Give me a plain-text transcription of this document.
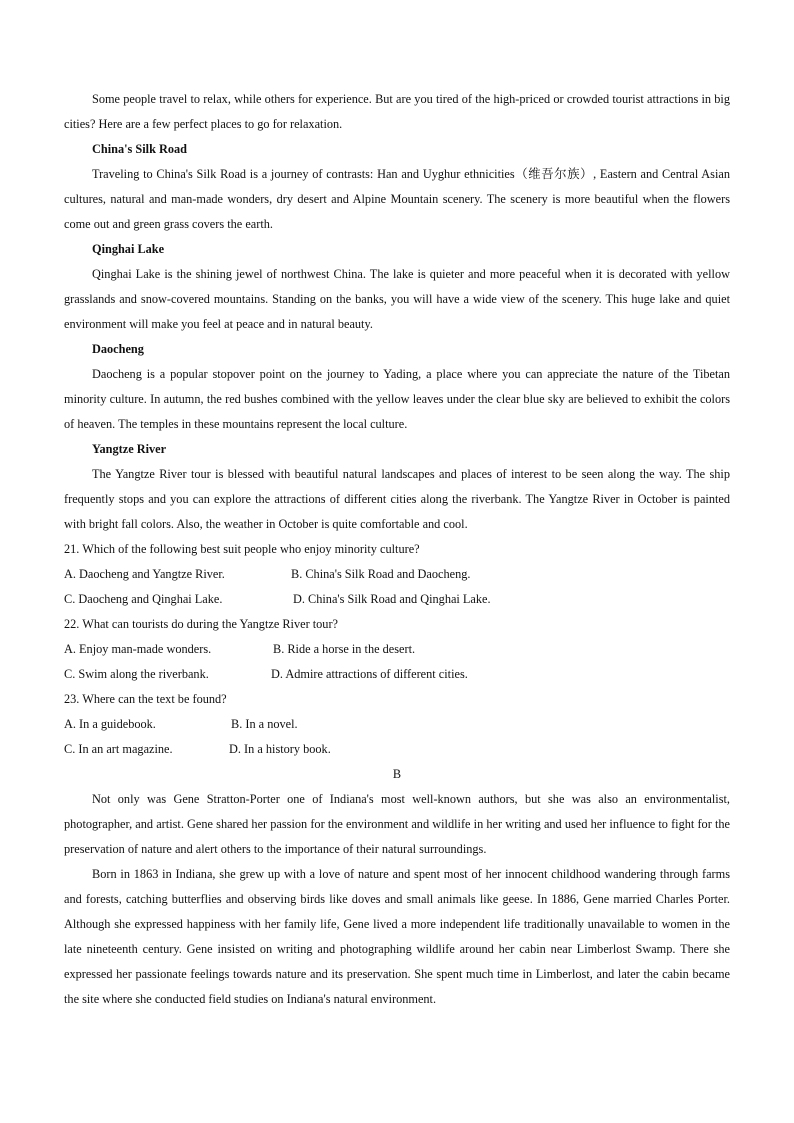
Some people travel to relax, while others for experience. But are you tired of the high-priced or crowded tourist attractions in big cities? Here are a few perfect places to go for relaxation.

China's Silk Road

Traveling to China's Silk Road is a journey of contrasts: Han and Uyghur ethnicities（维吾尔族）, Eastern and Central Asian cultures, natural and man-made wonders, dry desert and Alpine Mountain scenery. The scenery is more beautiful when the flowers come out and green grass covers the earth.

Qinghai Lake

Qinghai Lake is the shining jewel of northwest China. The lake is quieter and more peaceful when it is decorated with yellow grasslands and snow-covered mountains. Standing on the banks, you will have a wide view of the scenery. This huge lake and quiet environment will make you feel at peace and in natural beauty.

Daocheng

Daocheng is a popular stopover point on the journey to Yading, a place where you can appreciate the nature of the Tibetan minority culture. In autumn, the red bushes combined with the yellow leaves under the clear blue sky are believed to exhibit the colors of heaven. The temples in these mountains represent the local culture.

Yangtze River

The Yangtze River tour is blessed with beautiful natural landscapes and places of interest to be seen along the way. The ship frequently stops and you can explore the attractions of different cities along the riverbank. The Yangtze River in October is painted with bright fall colors. Also, the weather in October is quite comfortable and cool.

21. Which of the following best suit people who enjoy minority culture?

A. Daocheng and Yangtze River.	B. China's Silk Road and Daocheng.

C. Daocheng and Qinghai Lake.	D. China's Silk Road and Qinghai Lake.

22. What can tourists do during the Yangtze River tour?

A. Enjoy man-made wonders.	B. Ride a horse in the desert.

C. Swim along the riverbank.	D. Admire attractions of different cities.

23. Where can the text be found?

A. In a guidebook.	B. In a novel.

C. In an art magazine.	D. In a history book.

B

Not only was Gene Stratton-Porter one of Indiana's most well-known authors, but she was also an environmentalist, photographer, and artist. Gene shared her passion for the environment and wildlife in her writing and used her influence to fight for the preservation of nature and alert others to the importance of their natural surroundings.

Born in 1863 in Indiana, she grew up with a love of nature and spent most of her innocent childhood wandering through farms and forests, catching butterflies and observing birds like doves and small animals like geese. In 1886, Gene married Charles Porter. Although she expressed happiness with her family life, Gene lived a more independent life traditionally unavailable to women in the late nineteenth century. Gene insisted on writing and photographing wildlife around her cabin near Limberlost Swamp. There she expressed her passionate feelings towards nature and its preservation. She spent much time in Limberlost, and later the cabin became the site where she conducted field studies on Indiana's natural environment.
